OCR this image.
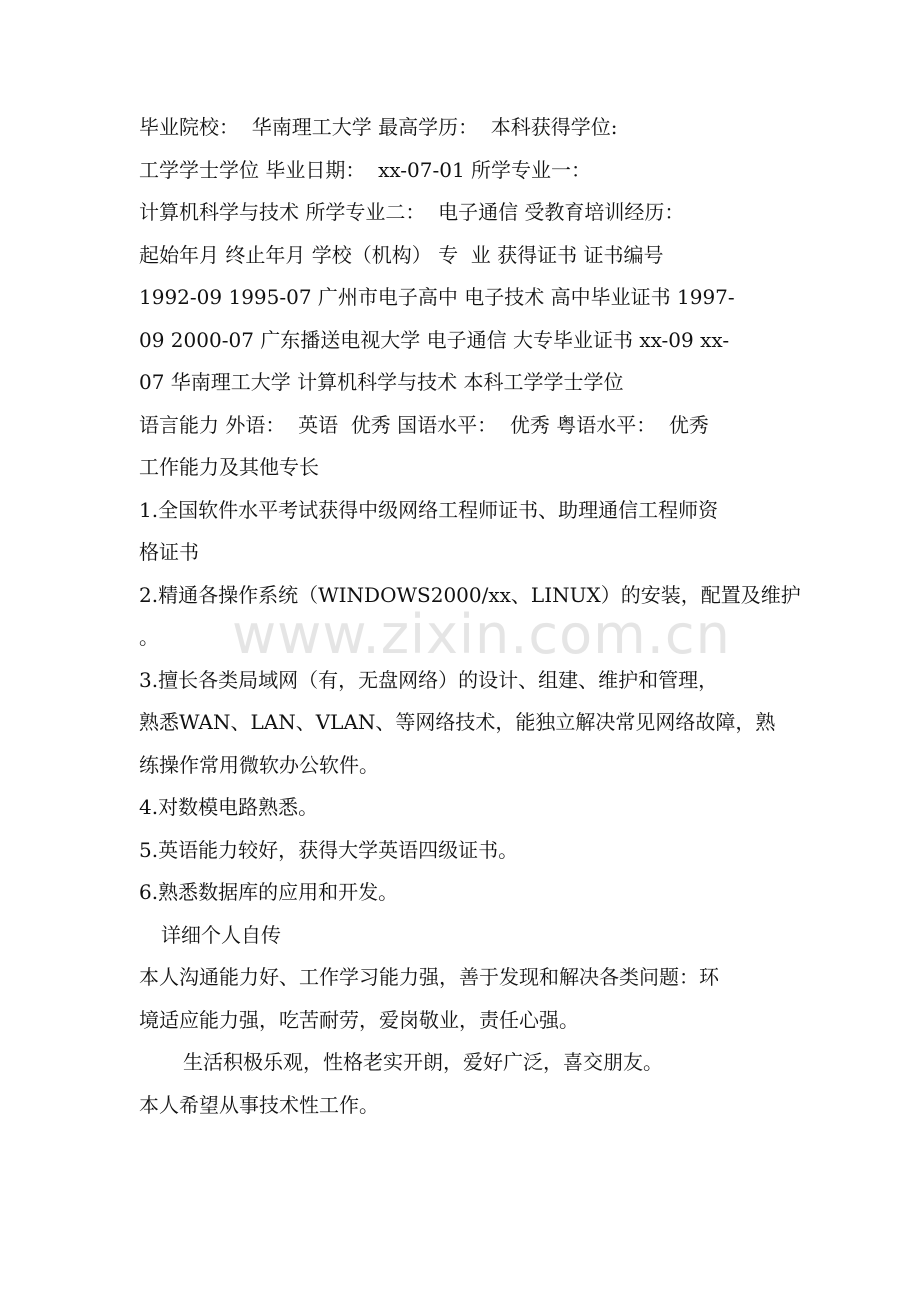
毕业院校：  华南理工大学 最高学历：  本科获得学位:
工学学士学位 毕业日期：  xx-07-01 所学专业一：
计算机科学与技术 所学专业二：  电子通信 受教育培训经历：
起始年月 终止年月 学校（机构） 专  业 获得证书 证书编号
1992-09 1995-07 广州市电子高中 电子技术 高中毕业证书 1997-
09 2000-07 广东播送电视大学 电子通信 大专毕业证书 xx-09 xx-
07 华南理工大学 计算机科学与技术 本科工学学士学位
语言能力 外语：  英语  优秀 国语水平：  优秀 粤语水平：  优秀
工作能力及其他专长
1.全国软件水平考试获得中级网络工程师证书、助理通信工程师资
格证书
2.精通各操作系统（WINDOWS2000/xx、LINUX）的安装，配置及维护
。
3.擅长各类局域网（有，无盘网络）的设计、组建、维护和管理，
熟悉WAN、LAN、VLAN、等网络技术，能独立解决常见网络故障，熟
练操作常用微软办公软件。
4.对数模电路熟悉。
5.英语能力较好，获得大学英语四级证书。
6.熟悉数据库的应用和开发。
详细个人自传
本人沟通能力好、工作学习能力强，善于发现和解决各类问题：环
境适应能力强，吃苦耐劳，爱岗敬业，责任心强。
生活积极乐观，性格老实开朗，爱好广泛，喜交朋友。
本人希望从事技术性工作。
www.zixin.com.cn
